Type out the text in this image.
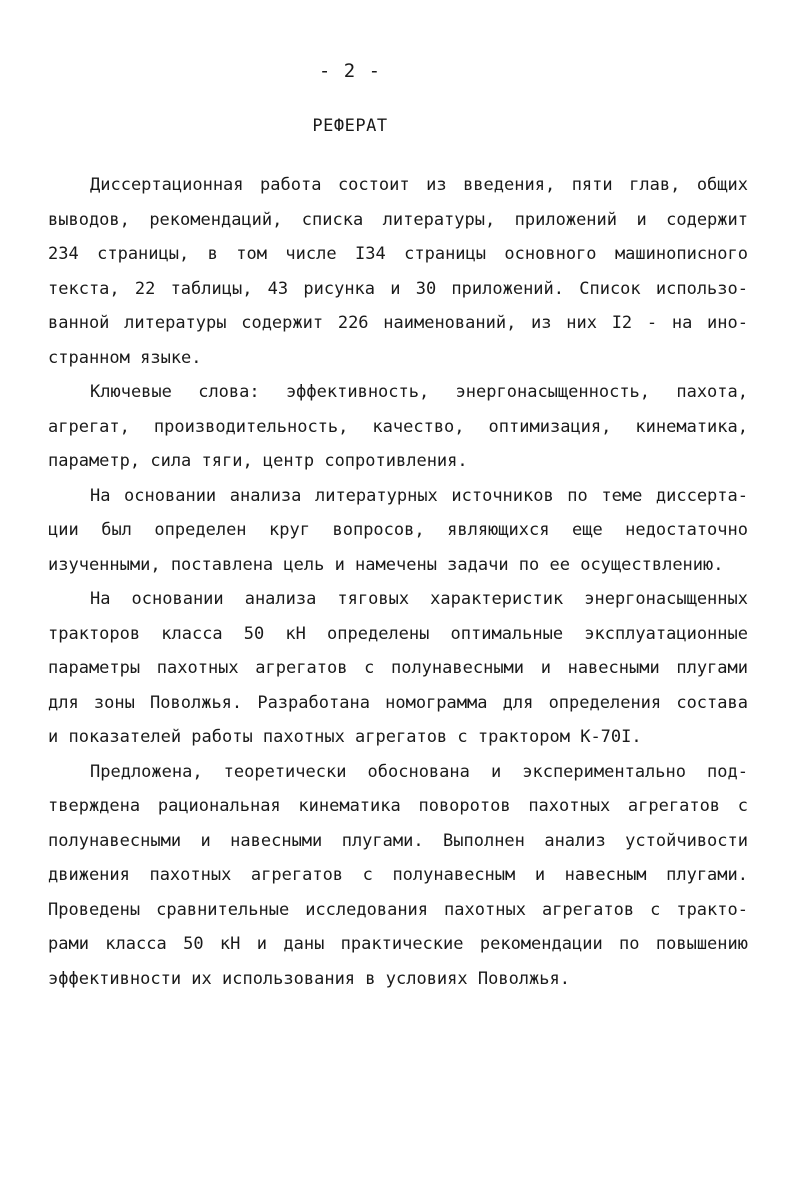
- 2 -
РЕФЕРАТ
Диссертационная работа состоит из введения, пяти глав, общих
выводов, рекомендаций, списка литературы, приложений и содержит
234 страницы, в том числе I34 страницы основного машинописного
текста, 22 таблицы, 43 рисунка и 30 приложений. Список использо-
ванной литературы содержит 226 наименований, из них I2 - на ино-
странном языке.
Ключевые слова: эффективность, энергонасыщенность, пахота,
агрегат, производительность, качество, оптимизация, кинематика,
параметр, сила тяги, центр сопротивления.
На основании анализа литературных источников по теме диссерта-
ции был определен круг вопросов, являющихся еще недостаточно
изученными, поставлена цель и намечены задачи по ее осуществлению.
На основании анализа тяговых характеристик энергонасыщенных
тракторов класса 50 кН определены оптимальные эксплуатационные
параметры пахотных агрегатов с полунавесными и навесными плугами
для зоны Поволжья. Разработана номограмма для определения состава
и показателей работы пахотных агрегатов с трактором К-70I.
Предложена, теоретически обоснована и экспериментально под-
тверждена рациональная кинематика поворотов пахотных агрегатов с
полунавесными и навесными плугами. Выполнен анализ устойчивости
движения пахотных агрегатов с полунавесным и навесным плугами.
Проведены сравнительные исследования пахотных агрегатов с тракто-
рами класса 50 кН и даны практические рекомендации по повышению
эффективности их использования в условиях Поволжья.
